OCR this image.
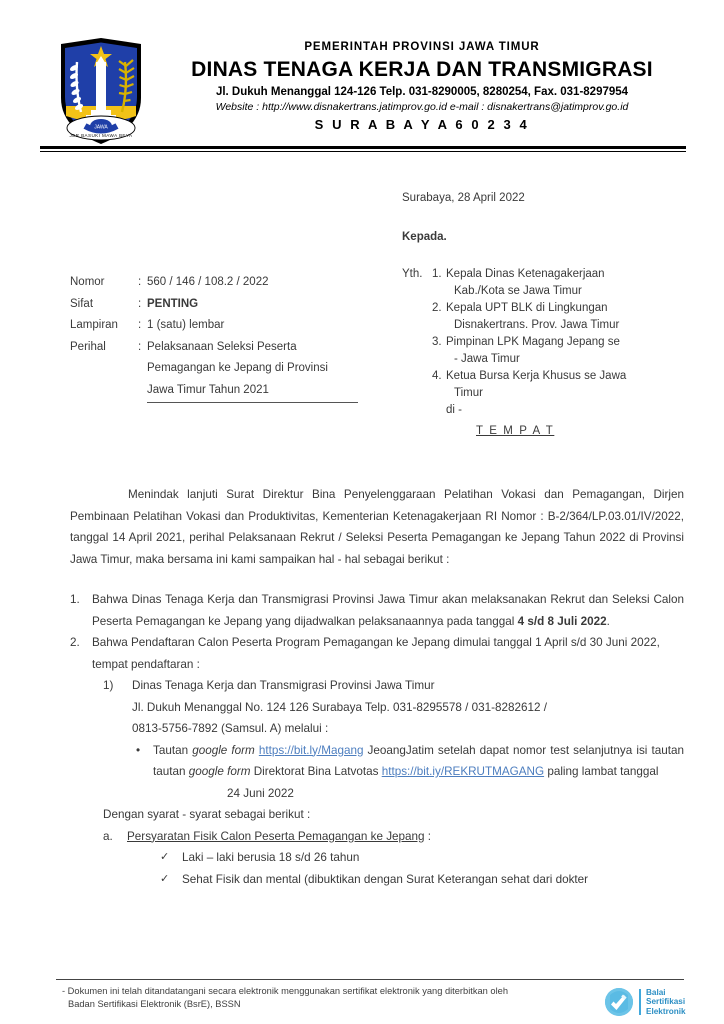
JAWA
JER BASUKI MAWA BEYA
PEMERINTAH PROVINSI JAWA TIMUR
DINAS TENAGA KERJA DAN TRANSMIGRASI
Jl. Dukuh Menanggal 124-126 Telp. 031-8290005, 8280254, Fax. 031-8297954
Website : http://www.disnakertrans.jatimprov.go.id e-mail : disnakertrans@jatimprov.go.id
S U R A B A Y A 6 0 2 3 4
Surabaya, 28 April 2022
Kepada.
Yth. 1. Kepala Dinas Ketenagakerjaan
Kab./Kota se Jawa Timur
2. Kepala UPT BLK di Lingkungan
Disnakertrans. Prov. Jawa Timur
3. Pimpinan LPK Magang Jepang se
- Jawa Timur
4. Ketua Bursa Kerja Khusus se Jawa
Timur
di -
T E M P A T
Nomor	: 560 / 146 / 108.2 / 2022
Sifat	: PENTING
Lampiran	: 1 (satu) lembar
Perihal	: Pelaksanaan Seleksi Peserta
Pemagangan ke Jepang di Provinsi
Jawa Timur Tahun 2021

Menindak lanjuti Surat Direktur Bina Penyelenggaraan Pelatihan Vokasi dan Pemagangan, Dirjen Pembinaan Pelatihan Vokasi dan Produktivitas, Kementerian Ketenagakerjaan RI Nomor : B-2/364/LP.03.01/IV/2022, tanggal 14 April 2021, perihal Pelaksanaan Rekrut / Seleksi Peserta Pemagangan ke Jepang Tahun 2022 di Provinsi Jawa Timur, maka bersama ini kami sampaikan hal - hal sebagai berikut :

1.	Bahwa Dinas Tenaga Kerja dan Transmigrasi Provinsi Jawa Timur akan melaksanakan Rekrut dan Seleksi Calon Peserta Pemagangan ke Jepang yang dijadwalkan pelaksanaannya pada tanggal 4 s/d 8 Juli 2022.
2.	Bahwa Pendaftaran Calon Peserta Program Pemagangan ke Jepang dimulai tanggal 1 April s/d 30 Juni 2022, tempat pendaftaran :
1)	Dinas Tenaga Kerja dan Transmigrasi Provinsi Jawa Timur
Jl. Dukuh Menanggal No. 124 126 Surabaya Telp. 031-8295578 / 031-8282612 /
0813-5756-7892 (Samsul. A) melalui :
•	Tautan google form https://bit.ly/Magang JeoangJatim setelah dapat nomor test selanjutnya isi tautan tautan google form Direktorat Bina Latvotas https://bit.iy/REKRUTMAGANG paling lambat tanggal
24 Juni 2022
Dengan syarat - syarat sebagai berikut :
a.	Persyaratan Fisik Calon Peserta Pemagangan ke Jepang :
✓	Laki – laki berusia 18 s/d 26 tahun
✓	Sehat Fisik dan mental (dibuktikan dengan Surat Keterangan sehat dari dokter
- Dokumen ini telah ditandatangani secara elektronik menggunakan sertifikat elektronik yang diterbitkan oleh
Badan Sertifikasi Elektronik (BsrE), BSSN
Balai
Sertifikasi
Elektronik
